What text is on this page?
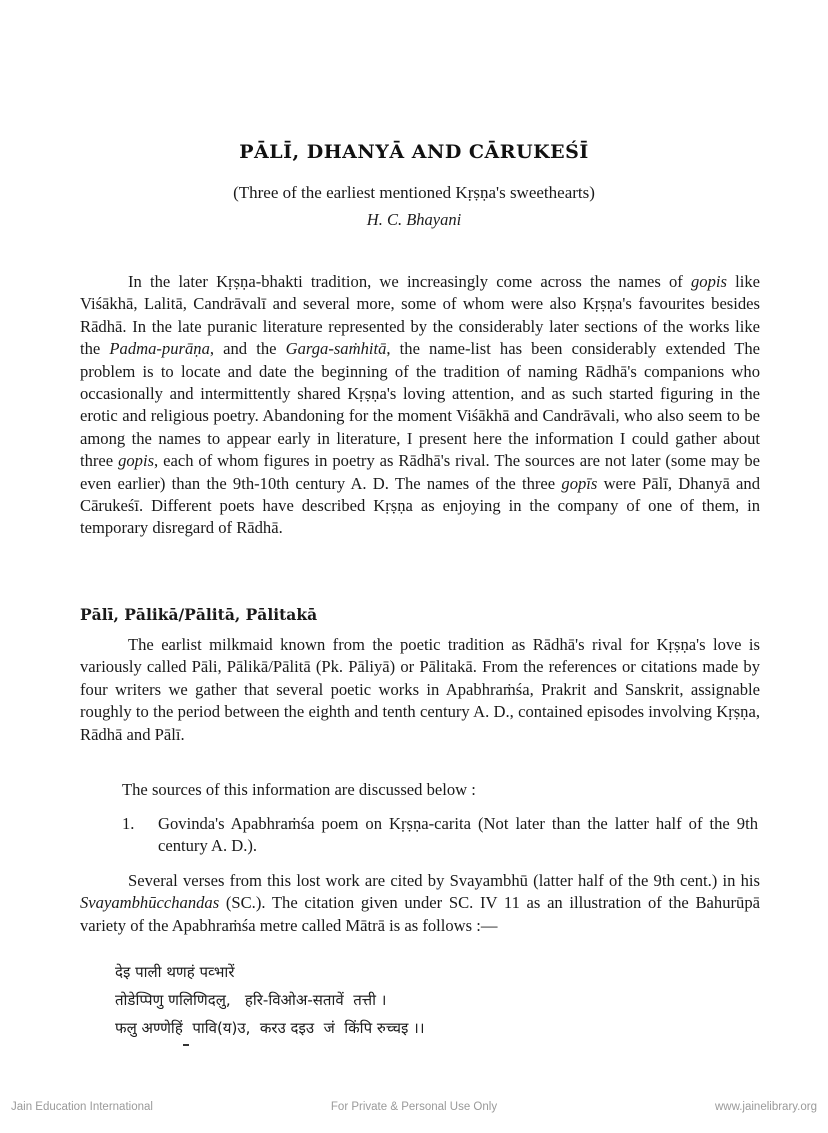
PĀLĪ, DHANYĀ AND CĀRUKEŚĪ
(Three of the earliest mentioned Kṛṣṇa's sweethearts)
H. C. Bhayani

In the later Kṛṣṇa-bhakti tradition, we increasingly come across the names of gopis like Viśākhā, Lalitā, Candrāvalī and several more, some of whom were also Kṛṣṇa's favourites besides Rādhā. In the late puranic literature represented by the considerably later sections of the works like the Padma-purāṇa, and the Garga-saṁhitā, the name-list has been considerably extended The problem is to locate and date the beginning of the tradition of naming Rādhā's companions who occasionally and intermittently shared Kṛṣṇa's loving attention, and as such started figuring in the erotic and religious poetry. Abandoning for the moment Viśākhā and Candrāvali, who also seem to be among the names to appear early in literature, I present here the information I could gather about three gopis, each of whom figures in poetry as Rādhā's rival. The sources are not later (some may be even earlier) than the 9th-10th century A. D. The names of the three gopīs were Pālī, Dhanyā and Cārukeśī. Different poets have described Kṛṣṇa as enjoying in the company of one of them, in temporary disregard of Rādhā.

Pālī, Pālikā/Pālitā, Pālitakā

The earlist milkmaid known from the poetic tradition as Rādhā's rival for Kṛṣṇa's love is variously called Pāli, Pālikā/Pālitā (Pk. Pāliyā) or Pālitakā. From the references or citations made by four writers we gather that several poetic works in Apabhraṁśa, Prakrit and Sanskrit, assignable roughly to the period between the eighth and tenth century A. D., contained episodes involving Kṛṣṇa, Rādhā and Pālī.

The sources of this information are discussed below :

1. Govinda's Apabhraṁśa poem on Kṛṣṇa-carita (Not later than the latter half of the 9th century A. D.).

Several verses from this lost work are cited by Svayambhū (latter half of the 9th cent.) in his Svayambhūcchandas (SC.). The citation given under SC. IV 11 as an illustration of the Bahurūpā variety of the Apabhraṁśa metre called Mātrā is as follows :—

देइ पाली थणहं पव्भारें
तोडेप्पिणु णलिणिदलु,   हरि-विओअ-सतावें  तत्ती ।
फलु अण्णेहिं  पावि(य)उ,  करउ दइउ  जं  किंपि रुच्चइ ।।
Jain Education International	For Private & Personal Use Only	www.jainelibrary.org
